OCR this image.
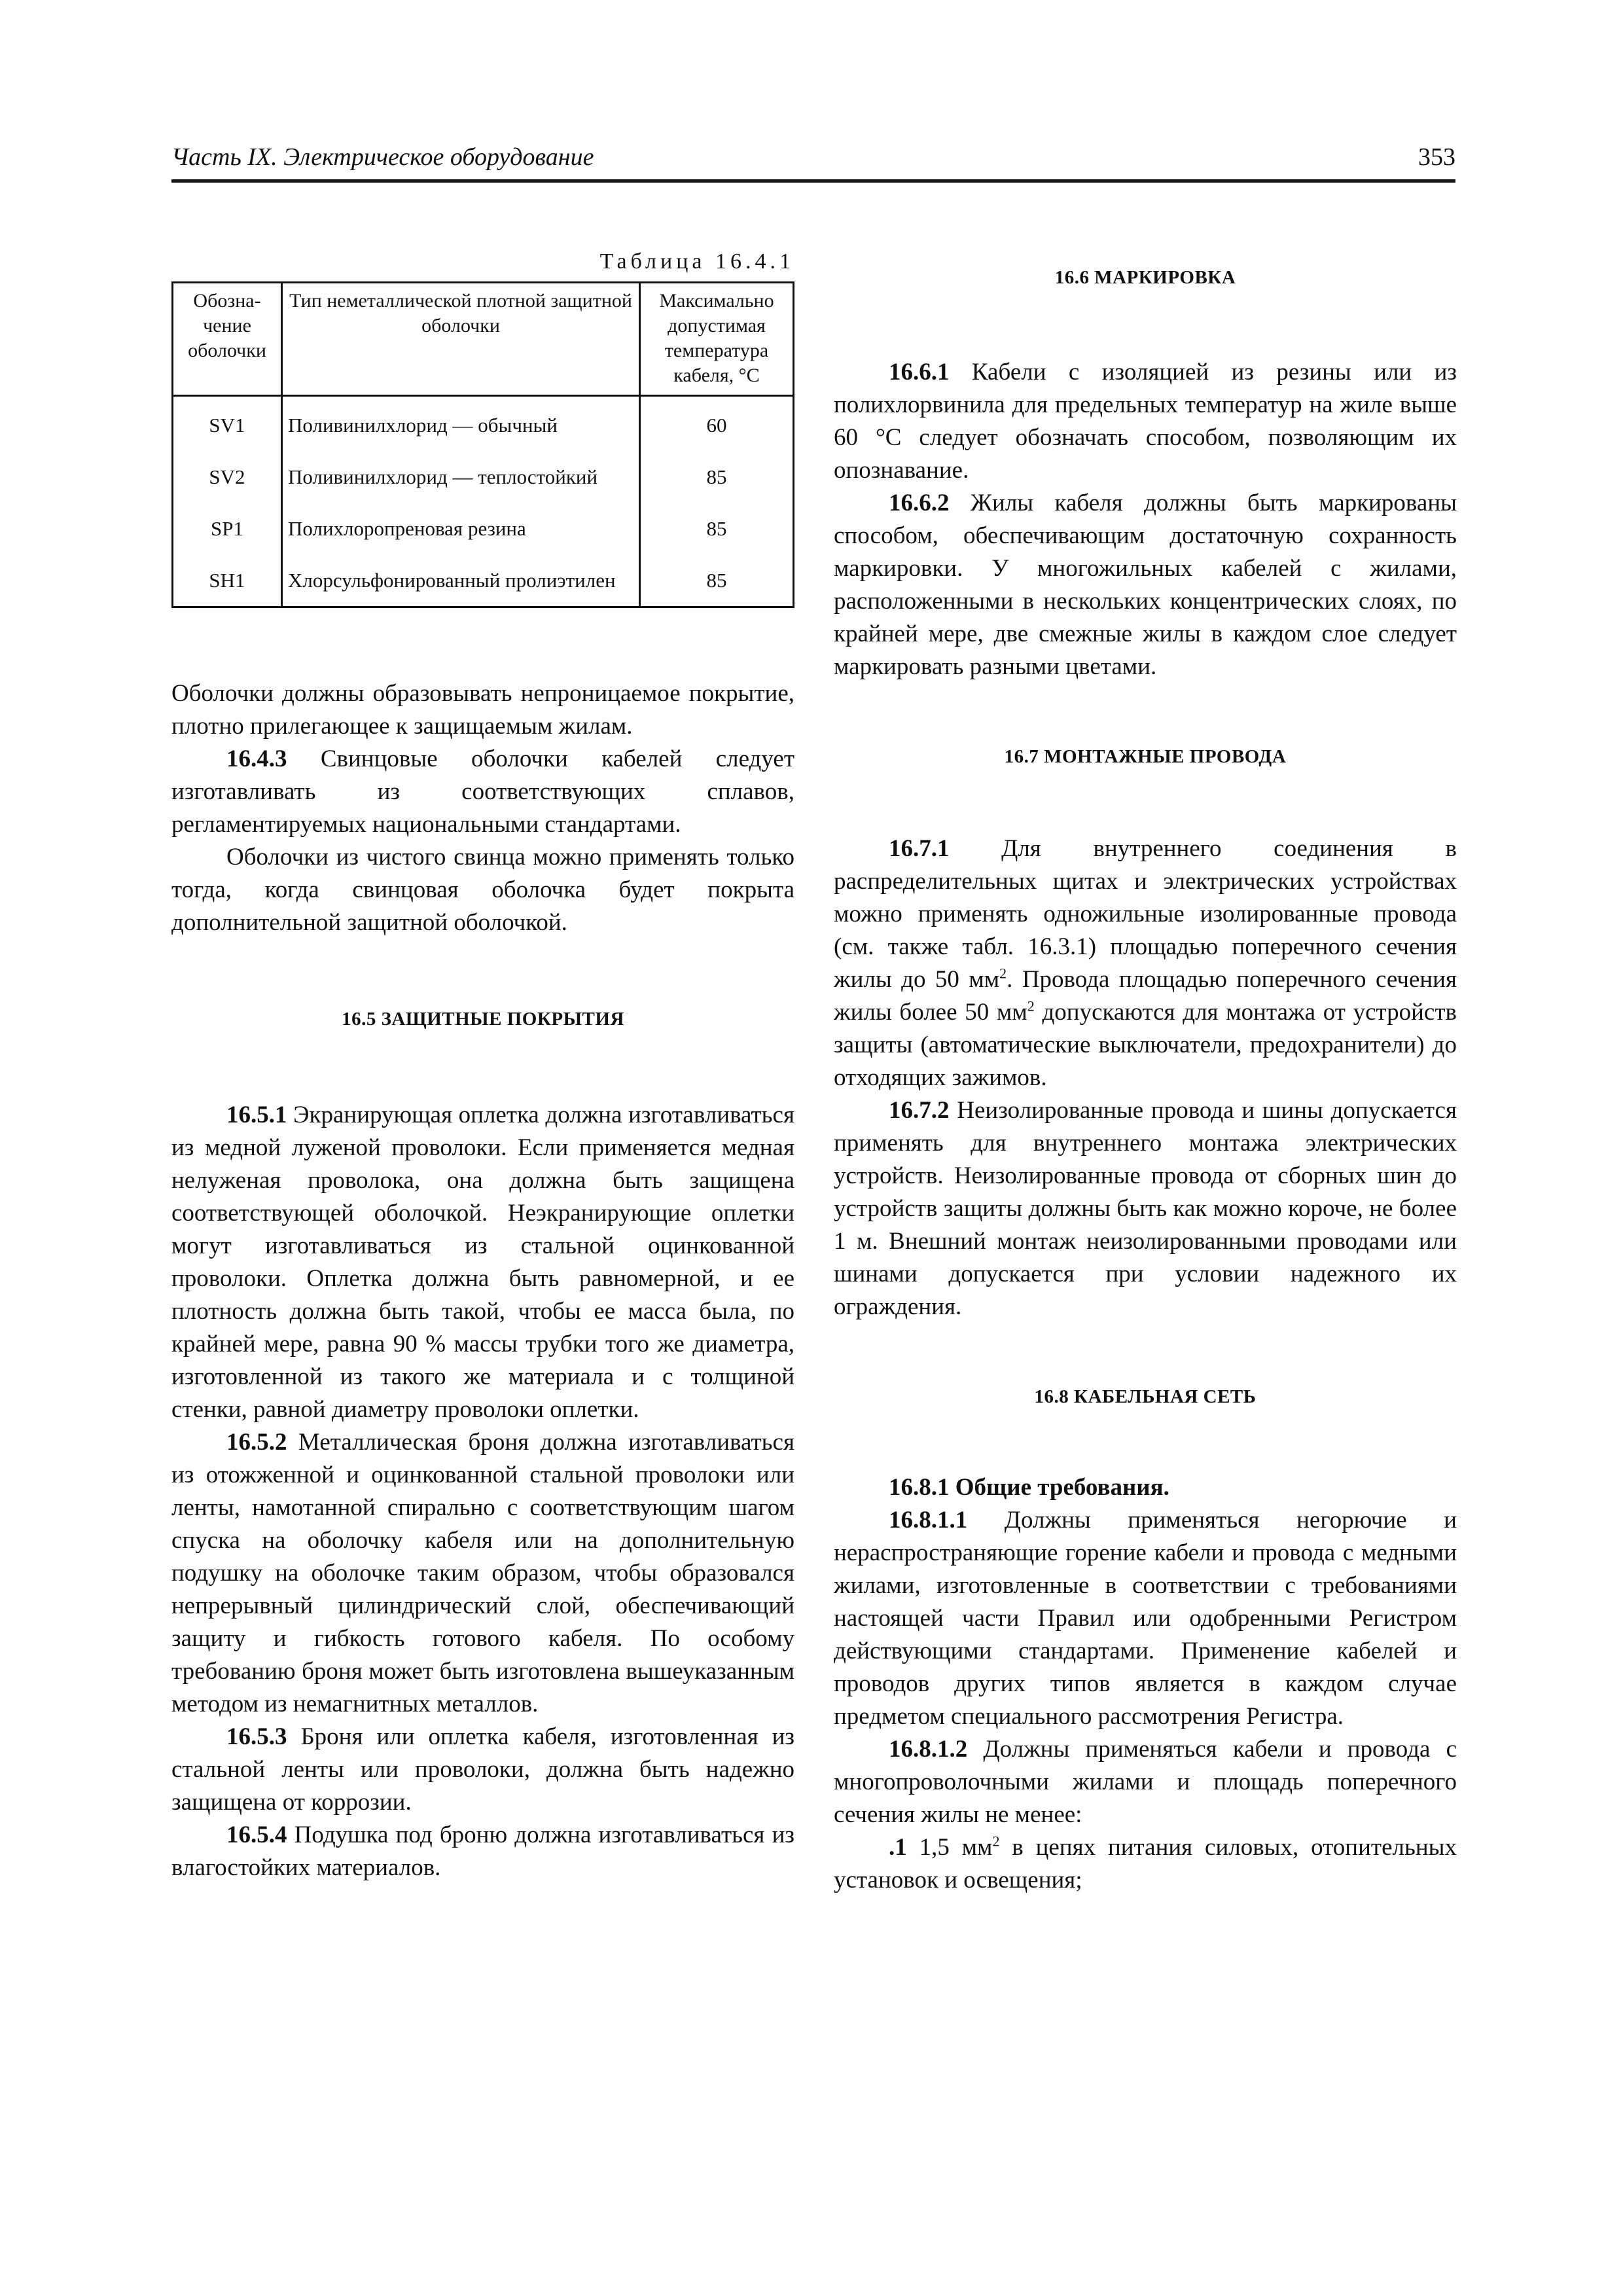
Часть IX. Электрическое оборудование	353
Таблица 16.4.1
Обозна-чение оболочки	Тип неметаллической плотной защитной оболочки	Максимально допустимая температура кабеля, °C
SV1	Поливинилхлорид — обычный	60
SV2	Поливинилхлорид — теплостойкий	85
SP1	Полихлоропреновая резина	85
SH1	Хлорсульфонированный пролиэтилен	85

Оболочки должны образовывать непроницаемое покрытие, плотно прилегающее к защищаемым жилам.

16.4.3 Свинцовые оболочки кабелей следует изготавливать из соответствующих сплавов, регламентируемых национальными стандартами.

Оболочки из чистого свинца можно применять только тогда, когда свинцовая оболочка будет покрыта дополнительной защитной оболочкой.

16.5 ЗАЩИТНЫЕ ПОКРЫТИЯ

16.5.1 Экранирующая оплетка должна изготавливаться из медной луженой проволоки. Если применяется медная нелуженая проволока, она должна быть защищена соответствующей оболочкой. Неэкранирующие оплетки могут изготавливаться из стальной оцинкованной проволоки. Оплетка должна быть равномерной, и ее плотность должна быть такой, чтобы ее масса была, по крайней мере, равна 90 % массы трубки того же диаметра, изготовленной из такого же материала и с толщиной стенки, равной диаметру проволоки оплетки.

16.5.2 Металлическая броня должна изготавливаться из отожженной и оцинкованной стальной проволоки или ленты, намотанной спирально с соответствующим шагом спуска на оболочку кабеля или на дополнительную подушку на оболочке таким образом, чтобы образовался непрерывный цилиндрический слой, обеспечивающий защиту и гибкость готового кабеля. По особому требованию броня может быть изготовлена вышеуказанным методом из немагнитных металлов.

16.5.3 Броня или оплетка кабеля, изготовленная из стальной ленты или проволоки, должна быть надежно защищена от коррозии.

16.5.4 Подушка под броню должна изготавливаться из влагостойких материалов.

16.6 МАРКИРОВКА

16.6.1 Кабели с изоляцией из резины или из полихлорвинила для предельных температур на жиле выше 60 °C следует обозначать способом, позволяющим их опознавание.

16.6.2 Жилы кабеля должны быть маркированы способом, обеспечивающим достаточную сохранность маркировки. У многожильных кабелей с жилами, расположенными в нескольких концентрических слоях, по крайней мере, две смежные жилы в каждом слое следует маркировать разными цветами.

16.7 МОНТАЖНЫЕ ПРОВОДА

16.7.1 Для внутреннего соединения в распределительных щитах и электрических устройствах можно применять одножильные изолированные провода (см. также табл. 16.3.1) площадью поперечного сечения жилы до 50 $мм^2$. Провода площадью поперечного сечения жилы более 50 $мм^2$ допускаются для монтажа от устройств защиты (автоматические выключатели, предохранители) до отходящих зажимов.

16.7.2 Неизолированные провода и шины допускается применять для внутреннего монтажа электрических устройств. Неизолированные провода от сборных шин до устройств защиты должны быть как можно короче, не более 1 м. Внешний монтаж неизолированными проводами или шинами допускается при условии надежного их ограждения.

16.8 КАБЕЛЬНАЯ СЕТЬ

16.8.1 Общие требования.

16.8.1.1 Должны применяться негорючие и нераспространяющие горение кабели и провода с медными жилами, изготовленные в соответствии с требованиями настоящей части Правил или одобренными Регистром действующими стандартами. Применение кабелей и проводов других типов является в каждом случае предметом специального рассмотрения Регистра.

16.8.1.2 Должны применяться кабели и провода с многопроволочными жилами и площадь поперечного сечения жилы не менее:

.1 1,5 $мм^2$ в цепях питания силовых, отопительных установок и освещения;
